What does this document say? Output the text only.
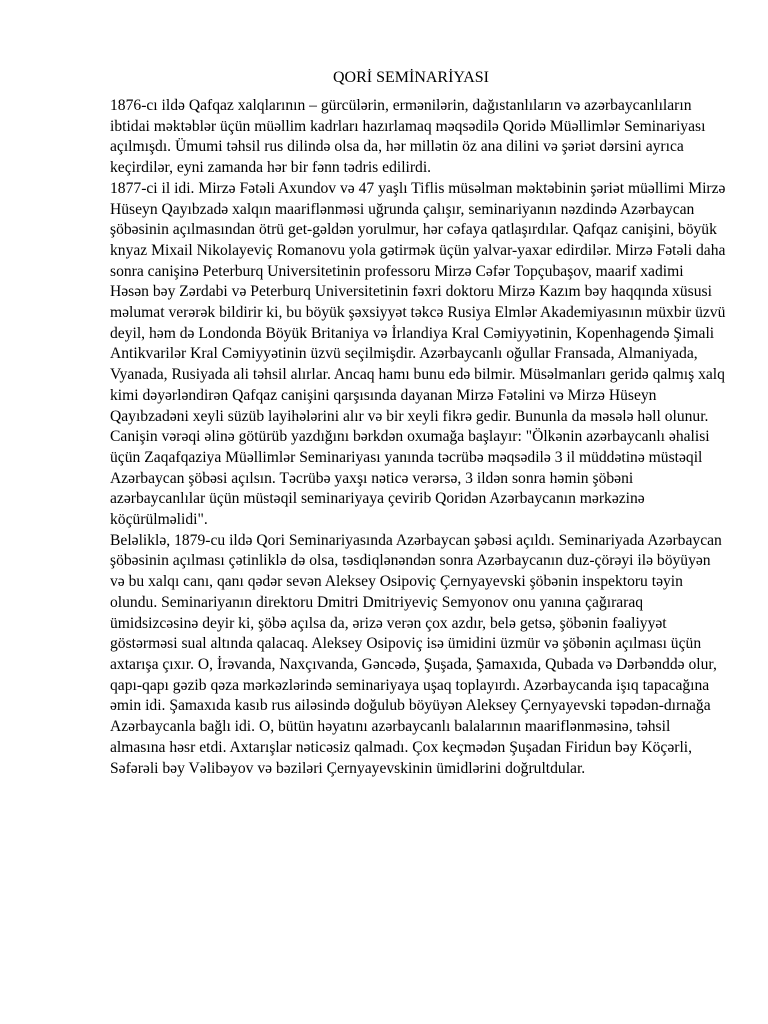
QORİ SEMİNARİYASI

1876-cı ildə Qafqaz xalqlarının – gürcülərin, ermənilərin, dağıstanlıların və azərbaycanlıların ibtidai məktəblər üçün müəllim kadrları hazırlamaq məqsədilə Qoridə Müəllimlər Seminariyası açılmışdı. Ümumi təhsil rus dilində olsa da, hər millətin öz ana dilini və şəriət dərsini ayrıca keçirdilər, eyni zamanda hər bir fənn tədris edilirdi.

1877-ci il idi. Mirzə Fətəli Axundov və 47 yaşlı Tiflis müsəlman məktəbinin şəriət müəllimi Mirzə Hüseyn Qayıbzadə xalqın maariflənməsi uğrunda çalışır, seminariyanın nəzdində Azərbaycan şöbəsinin açılmasından ötrü get-gəldən yorulmur, hər cəfaya qatlaşırdılar. Qafqaz canişini, böyük knyaz Mixail Nikolayeviç Romanovu yola gətirmək üçün yalvar-yaxar edirdilər. Mirzə Fətəli daha sonra canişinə Peterburq Universitetinin professoru Mirzə Cəfər Topçubaşov, maarif xadimi Həsən bəy Zərdabi və Peterburq Universitetinin fəxri doktoru Mirzə Kazım bəy haqqında xüsusi məlumat verərək bildirir ki, bu böyük şəxsiyyət təkcə Rusiya Elmlər Akademiyasının müxbir üzvü deyil, həm də Londonda Böyük Britaniya və İrlandiya Kral Cəmiyyətinin, Kopenhagendə Şimali Antikvarilər Kral Cəmiyyətinin üzvü seçilmişdir. Azərbaycanlı oğullar Fransada, Almaniyada, Vyanada, Rusiyada ali təhsil alırlar. Ancaq hamı bunu edə bilmir. Müsəlmanları geridə qalmış xalq kimi dəyərləndirən Qafqaz canişini qarşısında dayanan Mirzə Fətəlini və Mirzə Hüseyn Qayıbzadəni xeyli süzüb layihələrini alır və bir xeyli fikrə gedir. Bununla da məsələ həll olunur. Canişin vərəqi əlinə götürüb yazdığını bərkdən oxumağa başlayır: "Ölkənin azərbaycanlı əhalisi üçün Zaqafqaziya Müəllimlər Seminariyası yanında təcrübə məqsədilə 3 il müddətinə müstəqil Azərbaycan şöbəsi açılsın. Təcrübə yaxşı nəticə verərsə, 3 ildən sonra həmin şöbəni azərbaycanlılar üçün müstəqil seminariyaya çevirib Qoridən Azərbaycanın mərkəzinə köçürülməlidi".

Beləliklə, 1879-cu ildə Qori Seminariyasında Azərbaycan şəbəsi açıldı. Seminariyada Azərbaycan şöbəsinin açılması çətinliklə də olsa, təsdiqlənəndən sonra Azərbaycanın duz-çörəyi ilə böyüyən və bu xalqı canı, qanı qədər sevən Aleksey Osipoviç Çernyayevski şöbənin inspektoru təyin olundu. Seminariyanın direktoru Dmitri Dmitriyeviç Semyonov onu yanına çağıraraq ümidsizcəsinə deyir ki, şöbə açılsa da, ərizə verən çox azdır, belə getsə, şöbənin fəaliyyət göstərməsi sual altında qalacaq. Aleksey Osipoviç isə ümidini üzmür və şöbənin açılması üçün axtarışa çıxır. O, İrəvanda, Naxçıvanda, Gəncədə, Şuşada, Şamaxıda, Qubada və Dərbənddə olur, qapı-qapı gəzib qəza mərkəzlərində seminariyaya uşaq toplayırdı. Azərbaycanda işıq tapacağına əmin idi. Şamaxıda kasıb rus ailəsində doğulub böyüyən Aleksey Çernyayevski təpədən-dırnağa Azərbaycanla bağlı idi. O, bütün həyatını azərbaycanlı balalarının maariflənməsinə, təhsil almasına həsr etdi. Axtarışlar nəticəsiz qalmadı. Çox keçmədən Şuşadan Firidun bəy Köçərli, Səfərəli bəy Vəlibəyov və bəziləri Çernyayevskinin ümidlərini doğrultdular.
